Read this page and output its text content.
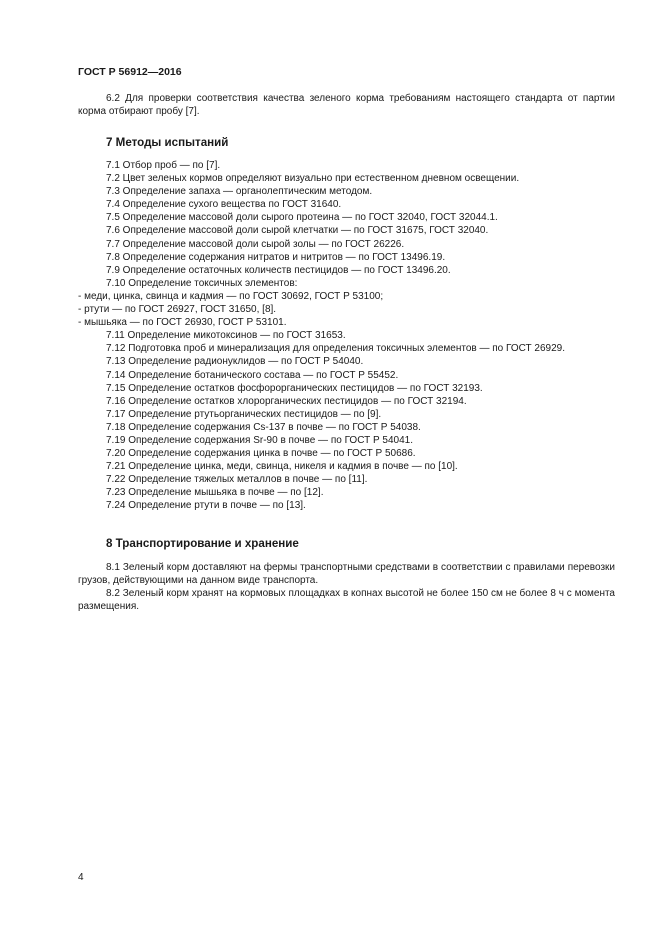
ГОСТ Р 56912—2016

6.2 Для проверки соответствия качества зеленого корма требованиям настоящего стандарта от партии корма отбирают пробу [7].

7 Методы испытаний
7.1 Отбор проб — по [7].
7.2 Цвет зеленых кормов определяют визуально при естественном дневном освещении.
7.3 Определение запаха — органолептическим методом.
7.4 Определение сухого вещества по ГОСТ 31640.
7.5 Определение массовой доли сырого протеина — по ГОСТ 32040, ГОСТ 32044.1.
7.6 Определение массовой доли сырой клетчатки — по ГОСТ 31675, ГОСТ 32040.
7.7 Определение массовой доли сырой золы — по ГОСТ 26226.
7.8 Определение содержания нитратов и нитритов — по ГОСТ 13496.19.
7.9 Определение остаточных количеств пестицидов — по ГОСТ 13496.20.
7.10 Определение токсичных элементов:
- меди, цинка, свинца и кадмия — по ГОСТ 30692, ГОСТ Р 53100;
- ртути — по ГОСТ 26927, ГОСТ 31650, [8].
- мышьяка — по ГОСТ 26930, ГОСТ Р 53101.
7.11 Определение микотоксинов — по ГОСТ 31653.
7.12 Подготовка проб и минерализация для определения токсичных элементов — по ГОСТ 26929.
7.13 Определение радионуклидов — по ГОСТ Р 54040.
7.14 Определение ботанического состава — по ГОСТ Р 55452.
7.15 Определение остатков фосфорорганических пестицидов — по ГОСТ 32193.
7.16 Определение остатков хлорорганических пестицидов — по ГОСТ 32194.
7.17 Определение ртутьорганических пестицидов — по [9].
7.18 Определение содержания Cs-137 в почве — по ГОСТ Р 54038.
7.19 Определение содержания Sr-90 в почве — по ГОСТ Р 54041.
7.20 Определение содержания цинка в почве — по ГОСТ Р 50686.
7.21 Определение цинка, меди, свинца, никеля и кадмия в почве — по [10].
7.22 Определение тяжелых металлов в почве — по [11].
7.23 Определение мышьяка в почве — по [12].
7.24 Определение ртути в почве — по [13].
8 Транспортирование и хранение

8.1 Зеленый корм доставляют на фермы транспортными средствами в соответствии с правилами перевозки грузов, действующими на данном виде транспорта.

8.2 Зеленый корм хранят на кормовых площадках в копнах высотой не более 150 см не более 8 ч с момента размещения.

4
